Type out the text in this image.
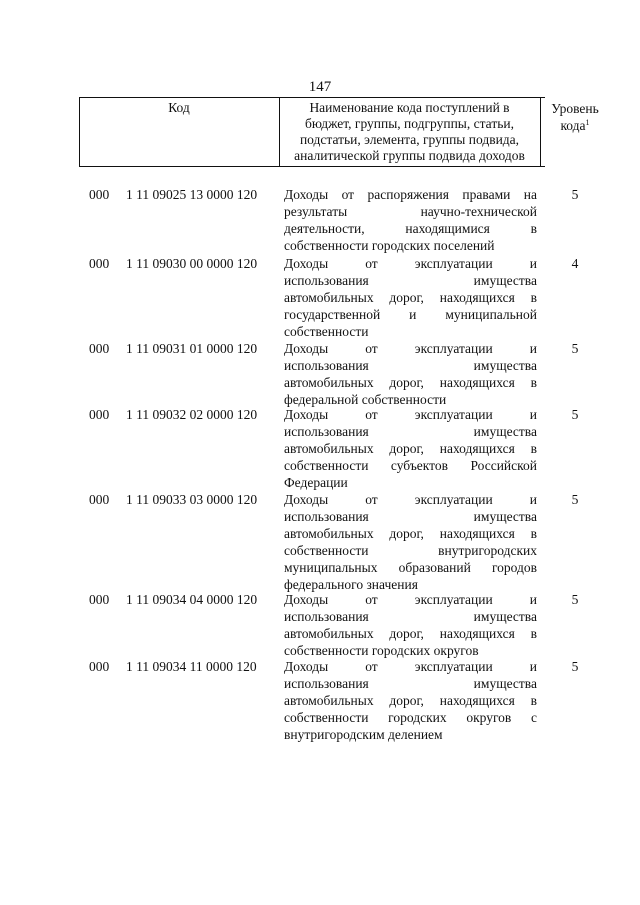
147
Код	Наименование кода поступлений в
бюджет, группы, подгруппы, статьи,
подстатьи, элемента, группы подвида,
аналитической группы подвида доходов
Уровень
кода$^1$
000 1 11 09025 13 0000 120 Доходы от распоряжения правами на
результаты научно-технической
деятельности, находящимися в
собственности городских поселений
5
000 1 11 09030 00 0000 120 Доходы от эксплуатации и
использования имущества
автомобильных дорог, находящихся в
государственной и муниципальной
собственности
4
000 1 11 09031 01 0000 120 Доходы от эксплуатации и
использования имущества
автомобильных дорог, находящихся в
федеральной собственности
5
000 1 11 09032 02 0000 120 Доходы от эксплуатации и
использования имущества
автомобильных дорог, находящихся в
собственности субъектов Российской
Федерации
5
000 1 11 09033 03 0000 120 Доходы от эксплуатации и
использования имущества
автомобильных дорог, находящихся в
собственности внутригородских
муниципальных образований городов
федерального значения
5
000 1 11 09034 04 0000 120 Доходы от эксплуатации и
использования имущества
автомобильных дорог, находящихся в
собственности городских округов
5
000 1 11 09034 11 0000 120 Доходы от эксплуатации и
использования имущества
автомобильных дорог, находящихся в
собственности городских округов с
внутригородским делением
5
